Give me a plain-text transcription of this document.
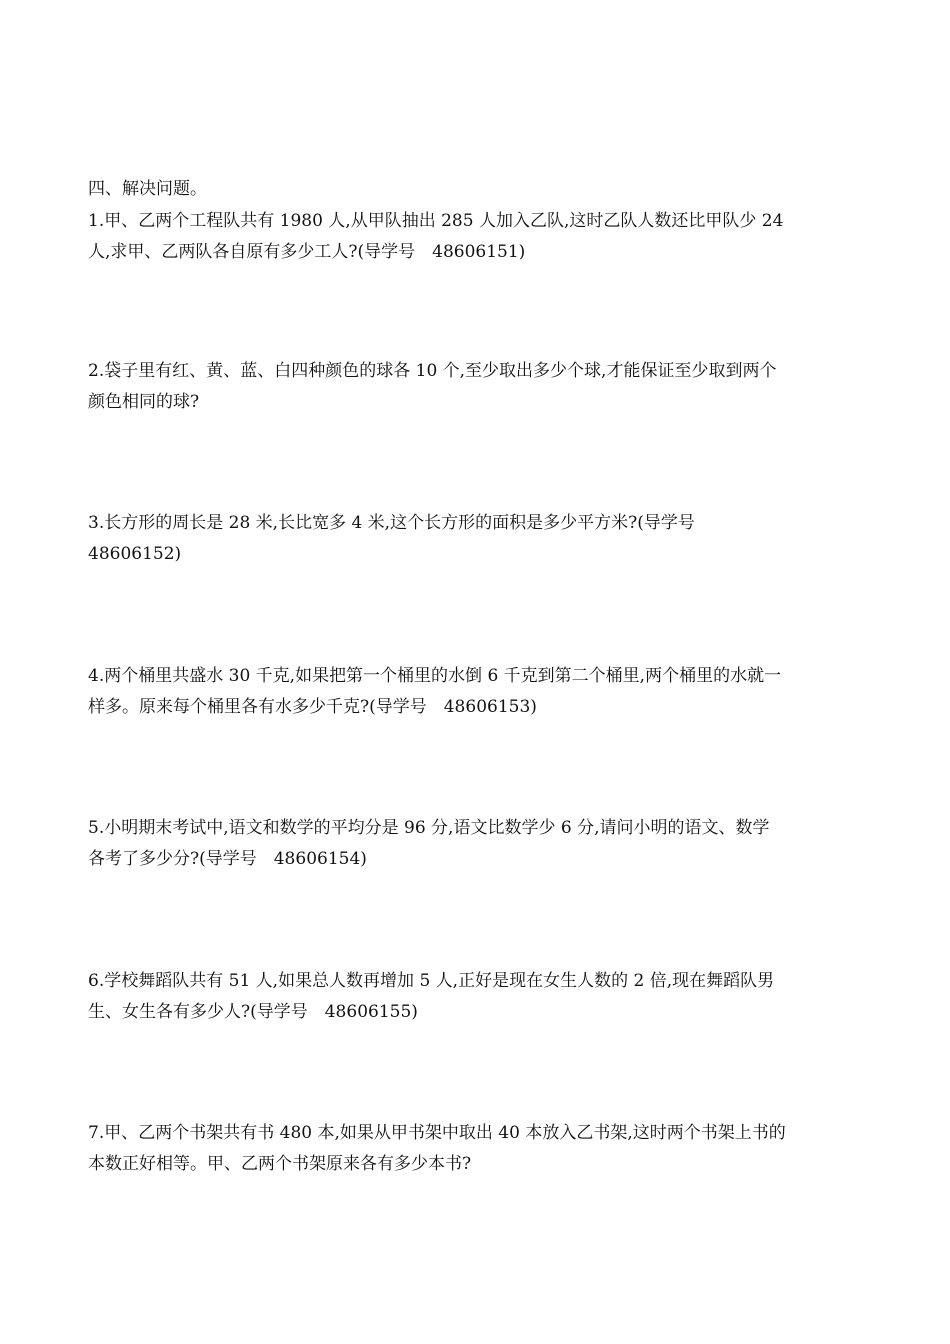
四、解决问题。
1.甲、乙两个工程队共有 1980 人,从甲队抽出 285 人加入乙队,这时乙队人数还比甲队少 24
人,求甲、乙两队各自原有多少工人?(导学号　48606151)
2.袋子里有红、黄、蓝、白四种颜色的球各 10 个,至少取出多少个球,才能保证至少取到两个
颜色相同的球?
3.长方形的周长是 28 米,长比宽多 4 米,这个长方形的面积是多少平方米?(导学号
48606152)
4.两个桶里共盛水 30 千克,如果把第一个桶里的水倒 6 千克到第二个桶里,两个桶里的水就一
样多。原来每个桶里各有水多少千克?(导学号　48606153)
5.小明期末考试中,语文和数学的平均分是 96 分,语文比数学少 6 分,请问小明的语文、数学
各考了多少分?(导学号　48606154)
6.学校舞蹈队共有 51 人,如果总人数再增加 5 人,正好是现在女生人数的 2 倍,现在舞蹈队男
生、女生各有多少人?(导学号　48606155)
7.甲、乙两个书架共有书 480 本,如果从甲书架中取出 40 本放入乙书架,这时两个书架上书的
本数正好相等。甲、乙两个书架原来各有多少本书?
